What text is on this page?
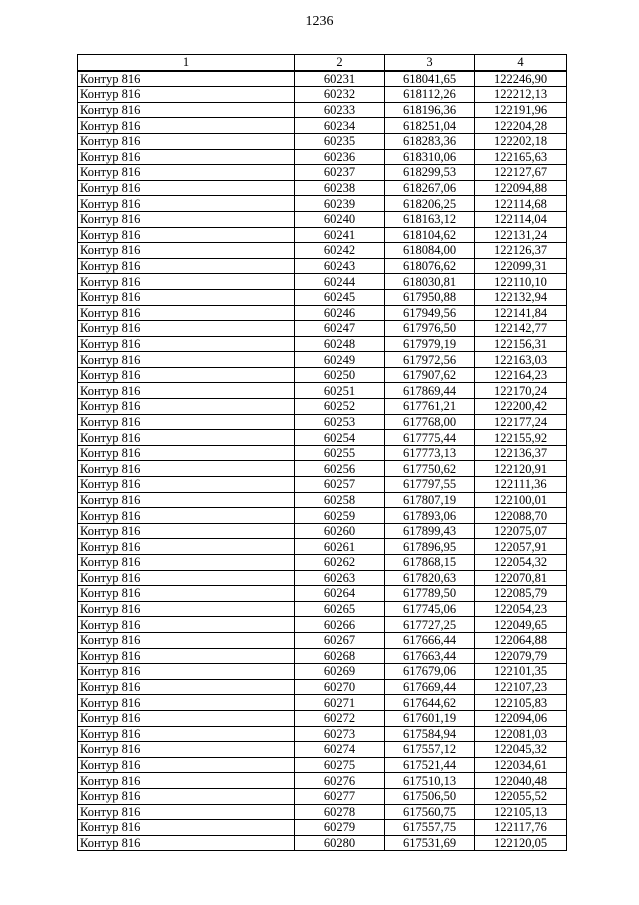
1236
1	2	3	4
Контур 816	60231	618041,65	122246,90
Контур 816	60232	618112,26	122212,13
Контур 816	60233	618196,36	122191,96
Контур 816	60234	618251,04	122204,28
Контур 816	60235	618283,36	122202,18
Контур 816	60236	618310,06	122165,63
Контур 816	60237	618299,53	122127,67
Контур 816	60238	618267,06	122094,88
Контур 816	60239	618206,25	122114,68
Контур 816	60240	618163,12	122114,04
Контур 816	60241	618104,62	122131,24
Контур 816	60242	618084,00	122126,37
Контур 816	60243	618076,62	122099,31
Контур 816	60244	618030,81	122110,10
Контур 816	60245	617950,88	122132,94
Контур 816	60246	617949,56	122141,84
Контур 816	60247	617976,50	122142,77
Контур 816	60248	617979,19	122156,31
Контур 816	60249	617972,56	122163,03
Контур 816	60250	617907,62	122164,23
Контур 816	60251	617869,44	122170,24
Контур 816	60252	617761,21	122200,42
Контур 816	60253	617768,00	122177,24
Контур 816	60254	617775,44	122155,92
Контур 816	60255	617773,13	122136,37
Контур 816	60256	617750,62	122120,91
Контур 816	60257	617797,55	122111,36
Контур 816	60258	617807,19	122100,01
Контур 816	60259	617893,06	122088,70
Контур 816	60260	617899,43	122075,07
Контур 816	60261	617896,95	122057,91
Контур 816	60262	617868,15	122054,32
Контур 816	60263	617820,63	122070,81
Контур 816	60264	617789,50	122085,79
Контур 816	60265	617745,06	122054,23
Контур 816	60266	617727,25	122049,65
Контур 816	60267	617666,44	122064,88
Контур 816	60268	617663,44	122079,79
Контур 816	60269	617679,06	122101,35
Контур 816	60270	617669,44	122107,23
Контур 816	60271	617644,62	122105,83
Контур 816	60272	617601,19	122094,06
Контур 816	60273	617584,94	122081,03
Контур 816	60274	617557,12	122045,32
Контур 816	60275	617521,44	122034,61
Контур 816	60276	617510,13	122040,48
Контур 816	60277	617506,50	122055,52
Контур 816	60278	617560,75	122105,13
Контур 816	60279	617557,75	122117,76
Контур 816	60280	617531,69	122120,05
